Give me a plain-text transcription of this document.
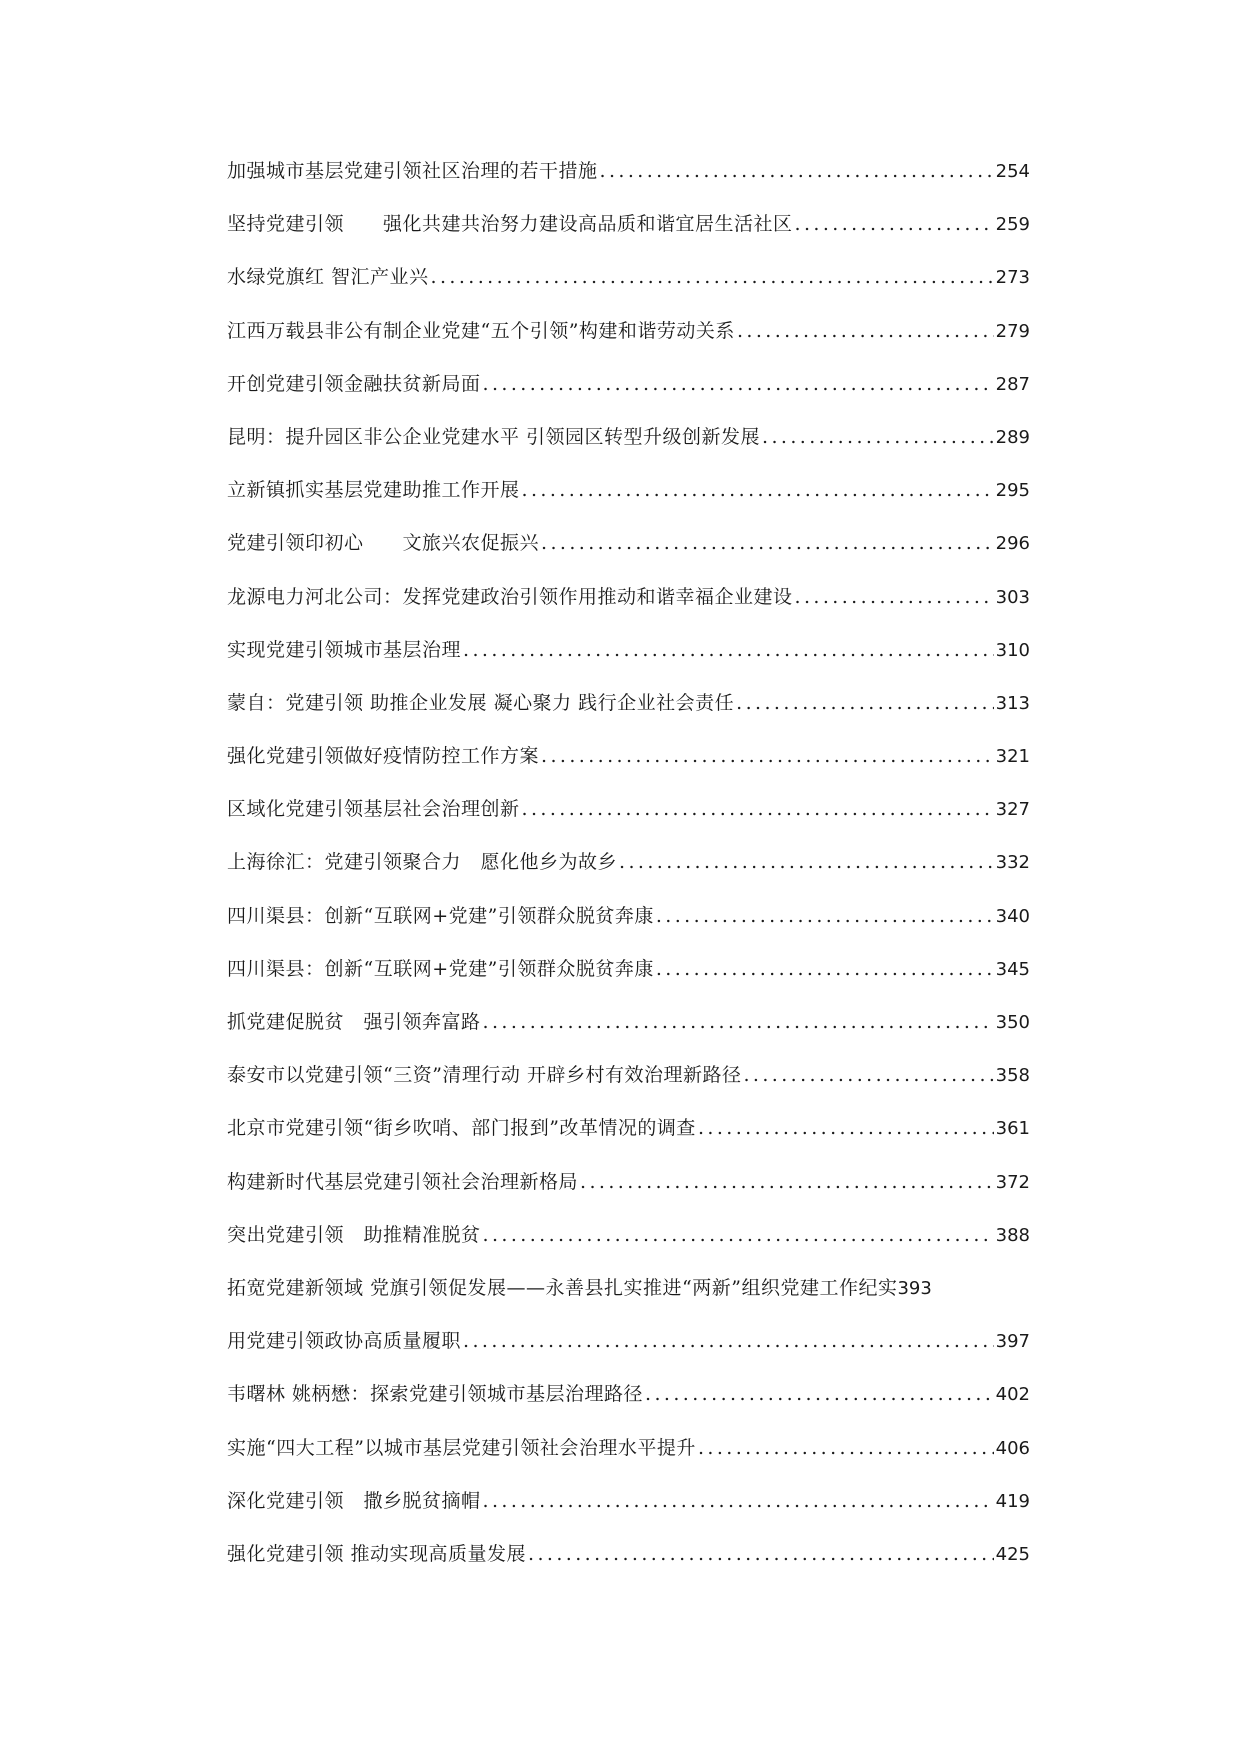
加强城市基层党建引领社区治理的若干措施 .....	254
坚持党建引领　　强化共建共治努力建设高品质和谐宜居生活社区 .....	259
水绿党旗红 智汇产业兴 .....	273
江西万载县非公有制企业党建“五个引领”构建和谐劳动关系 .....	279
开创党建引领金融扶贫新局面 .....	287
昆明：提升园区非公企业党建水平 引领园区转型升级创新发展 .....	289
立新镇抓实基层党建助推工作开展 .....	295
党建引领印初心　　文旅兴农促振兴 .....	296
龙源电力河北公司：发挥党建政治引领作用推动和谐幸福企业建设 .....	303
实现党建引领城市基层治理 .....	310
蒙自：党建引领 助推企业发展 凝心聚力 践行企业社会责任 .....	313
强化党建引领做好疫情防控工作方案 .....	321
区域化党建引领基层社会治理创新 .....	327
上海徐汇：党建引领聚合力　愿化他乡为故乡 .....	332
四川渠县：创新“互联网+党建”引领群众脱贫奔康 .....	340
四川渠县：创新“互联网+党建”引领群众脱贫奔康 .....	345
抓党建促脱贫　强引领奔富路 .....	350
泰安市以党建引领“三资”清理行动 开辟乡村有效治理新路径 .....	358
北京市党建引领“街乡吹哨、部门报到”改革情况的调查 .....	361
构建新时代基层党建引领社会治理新格局 .....	372
突出党建引领　助推精准脱贫 .....	388
拓宽党建新领域 党旗引领促发展——永善县扎实推进“两新”组织党建工作纪实 393
用党建引领政协高质量履职 .....	397
韦曙林 姚柄懋：探索党建引领城市基层治理路径 .....	402
实施“四大工程”以城市基层党建引领社会治理水平提升 .....	406
深化党建引领　撒乡脱贫摘帽 .....	419
强化党建引领 推动实现高质量发展 .....	425
